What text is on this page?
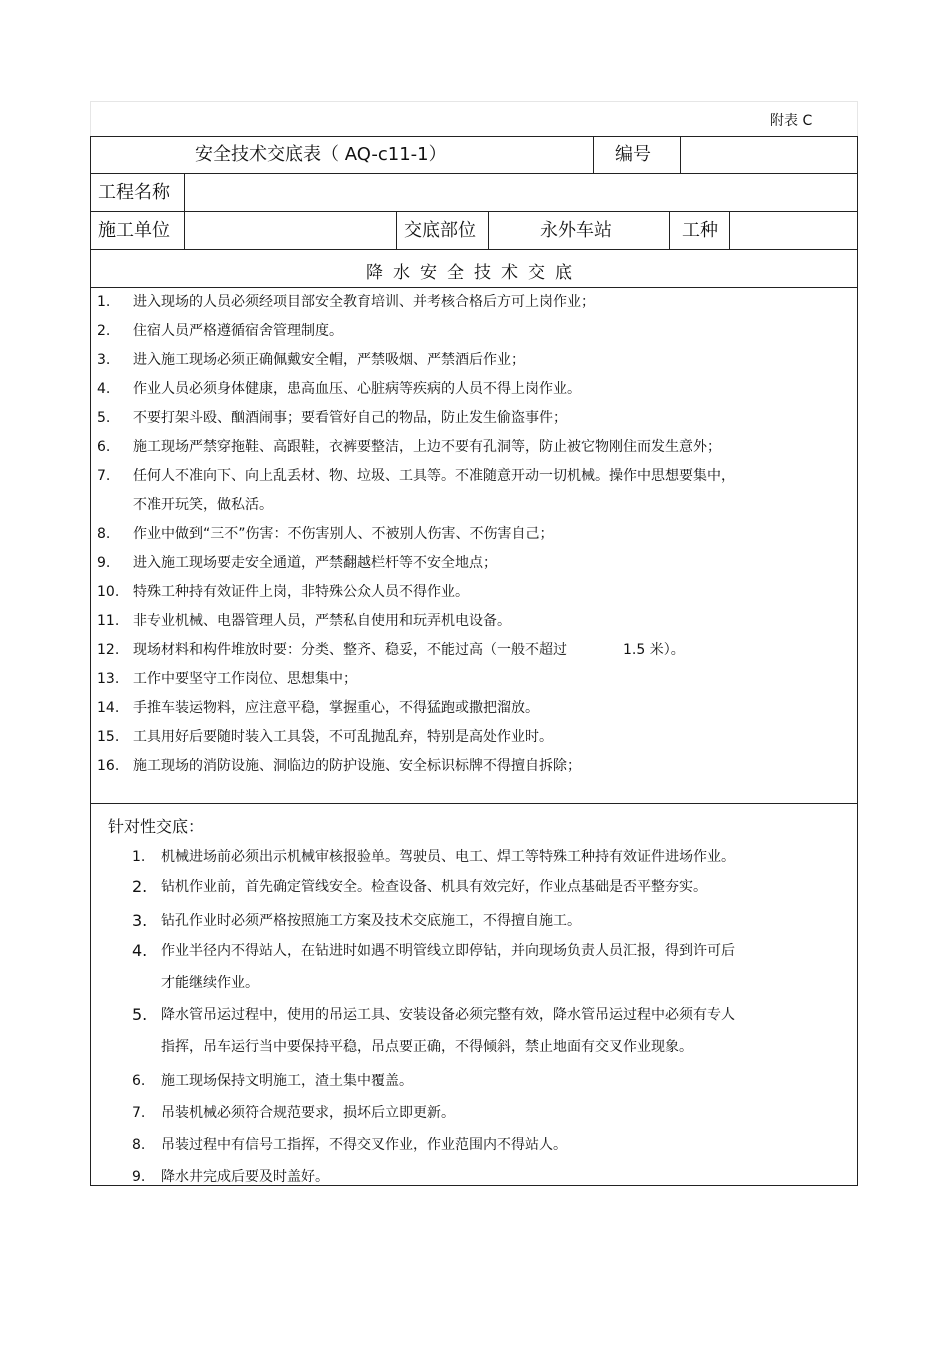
附表 C
安全技术交底表（ AQ-c11-1）	编号
工程名称
施工单位	交底部位	永外车站	工种
降水安全技术交底
1.	进入现场的人员必须经项目部安全教育培训、并考核合格后方可上岗作业；
2.	住宿人员严格遵循宿舍管理制度。
3.	进入施工现场必须正确佩戴安全帽，严禁吸烟、严禁酒后作业；
4.	作业人员必须身体健康，患高血压、心脏病等疾病的人员不得上岗作业。
5.	不要打架斗殴、酗酒闹事；要看管好自己的物品，防止发生偷盗事件；
6.	施工现场严禁穿拖鞋、高跟鞋，衣裤要整洁，上边不要有孔洞等，防止被它物刚住而发生意外；
7.	任何人不准向下、向上乱丢材、物、垃圾、工具等。不准随意开动一切机械。操作中思想要集中，
不准开玩笑，做私活。
8.	作业中做到“三不”伤害：不伤害别人、不被别人伤害、不伤害自己；
9.	进入施工现场要走安全通道，严禁翻越栏杆等不安全地点；
10. 特殊工种持有效证件上岗，非特殊公众人员不得作业。
11. 非专业机械、电器管理人员，严禁私自使用和玩弄机电设备。
12. 现场材料和构件堆放时要：分类、整齐、稳妥，不能过高（一般不超过　　　　1.5 米）。
13. 工作中要坚守工作岗位、思想集中；
14. 手推车装运物料，应注意平稳，掌握重心，不得猛跑或撒把溜放。
15. 工具用好后要随时装入工具袋，不可乱抛乱弃，特别是高处作业时。
16. 施工现场的消防设施、洞临边的防护设施、安全标识标牌不得擅自拆除；
针对性交底：
1.	机械进场前必须出示机械审核报验单。驾驶员、电工、焊工等特殊工种持有效证件进场作业。
2. 钻机作业前，首先确定管线安全。检查设备、机具有效完好，作业点基础是否平整夯实。
3. 钻孔作业时必须严格按照施工方案及技术交底施工，不得擅自施工。
4. 作业半径内不得站人，在钻进时如遇不明管线立即停钻，并向现场负责人员汇报，得到许可后
才能继续作业。
5. 降水管吊运过程中，使用的吊运工具、安装设备必须完整有效，降水管吊运过程中必须有专人
指挥，吊车运行当中要保持平稳，吊点要正确，不得倾斜，禁止地面有交叉作业现象。
6.	施工现场保持文明施工，渣土集中覆盖。
7.	吊装机械必须符合规范要求，损坏后立即更新。
8.	吊装过程中有信号工指挥，不得交叉作业，作业范围内不得站人。
9.	降水井完成后要及时盖好。
